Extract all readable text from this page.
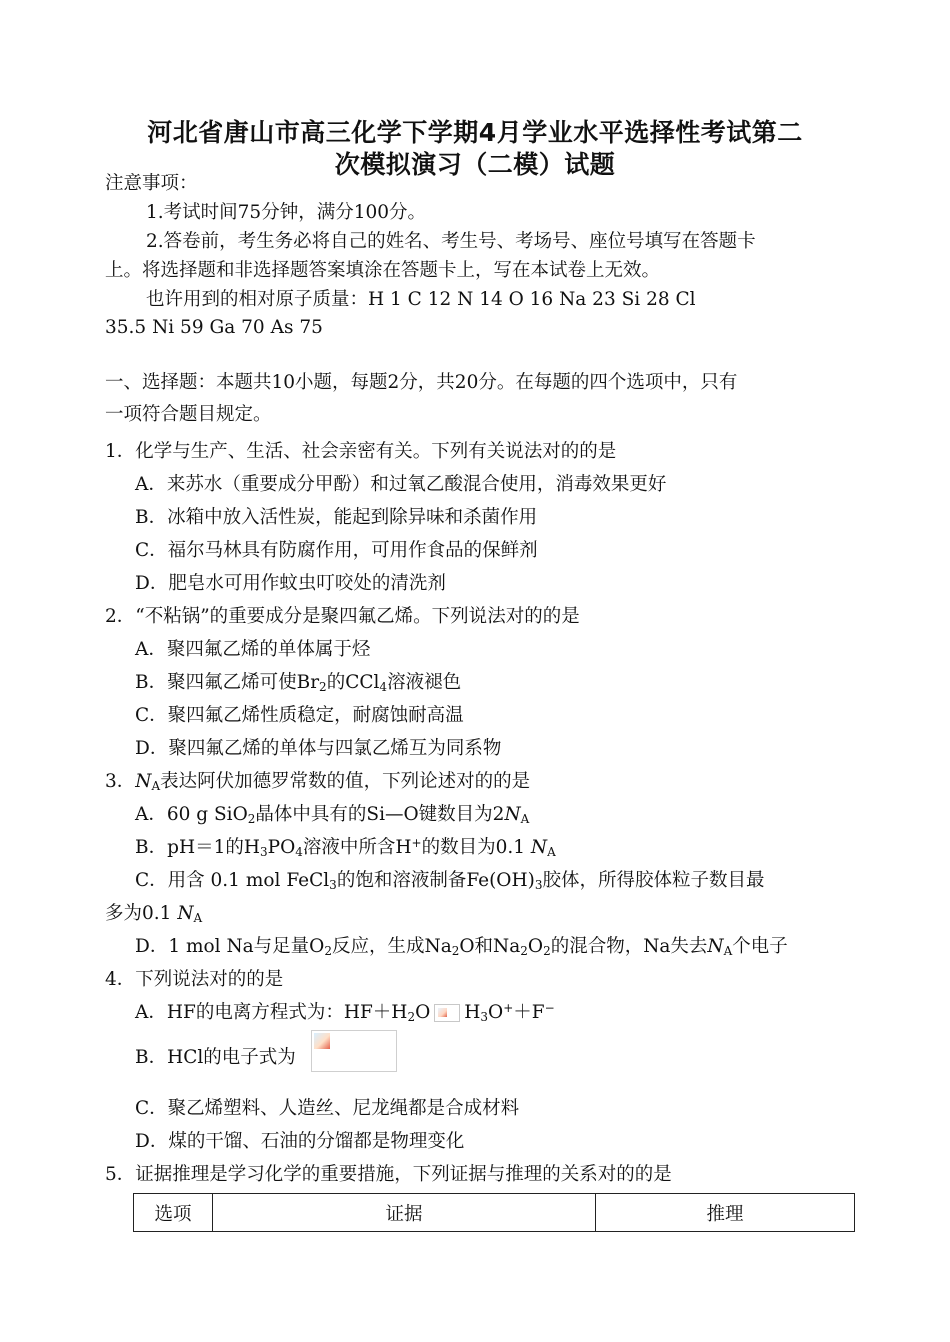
河北省唐山市高三化学下学期4月学业水平选择性考试第二
次模拟演习（二模）试题
注意事项：
1.考试时间75分钟，满分100分。
2.答卷前，考生务必将自己的姓名、考生号、考场号、座位号填写在答题卡
上。将选择题和非选择题答案填涂在答题卡上，写在本试卷上无效。
也许用到的相对原子质量：H 1 C 12 N 14 O 16 Na 23 Si 28 Cl
35.5 Ni 59 Ga 70 As 75
一、选择题：本题共10小题，每题2分，共20分。在每题的四个选项中，只有
一项符合题目规定。
1．化学与生产、生活、社会亲密有关。下列有关说法对的的是
A．来苏水（重要成分甲酚）和过氧乙酸混合使用，消毒效果更好
B．冰箱中放入活性炭，能起到除异味和杀菌作用
C．福尔马林具有防腐作用，可用作食品的保鲜剂
D．肥皂水可用作蚊虫叮咬处的清洗剂
2．“不粘锅”的重要成分是聚四氟乙烯。下列说法对的的是
A．聚四氟乙烯的单体属于烃
B．聚四氟乙烯可使$Br_2$的CCl$_4$溶液褪色
C．聚四氟乙烯性质稳定，耐腐蚀耐高温
D．聚四氟乙烯的单体与四氯乙烯互为同系物
3．$N_A$表达阿伏加德罗常数的值，下列论述对的的是
A．60 g SiO$_2$晶体中具有的Si—O键数目为$2N_A$
B．pH＝1的$H_3PO_4$溶液中所含H+的数目为0.1 $N_A$
C．用含 0.1 mol FeCl$_3$的饱和溶液制备$Fe(OH)_3$胶体，所得胶体粒子数目最
多为0.1 $N_A$
D．1 mol Na与足量$O_2$反应，生成$Na_2O$和$Na_2O_2$的混合物，Na失去$N_A$个电子
4．下列说法对的的是
A．HF的电离方程式为：$HF+H_2O$ $H_3O^++F^-$
B．HCl的电子式为
C．聚乙烯塑料、人造丝、尼龙绳都是合成材料
D．煤的干馏、石油的分馏都是物理变化
5．证据推理是学习化学的重要措施，下列证据与推理的关系对的的是
选项	证据	推理
